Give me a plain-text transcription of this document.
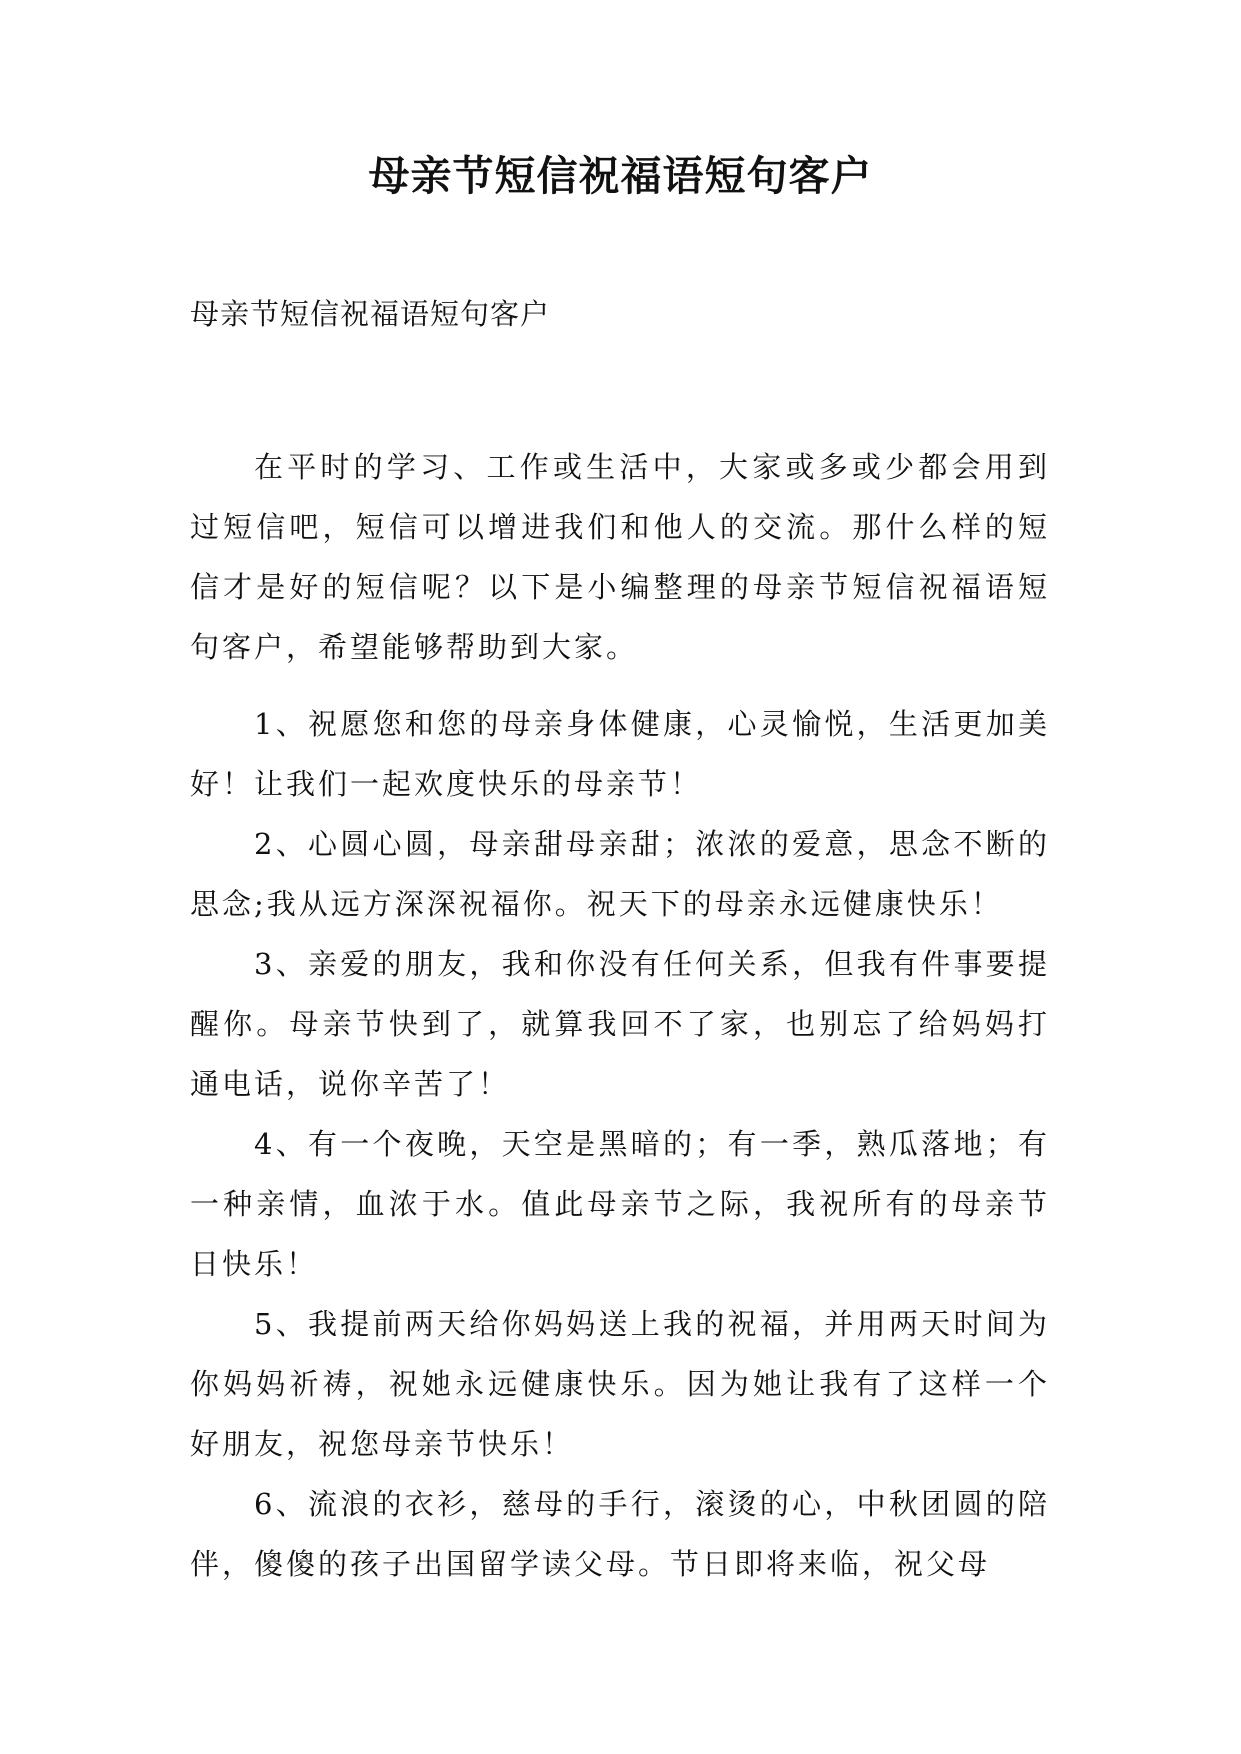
母亲节短信祝福语短句客户
母亲节短信祝福语短句客户

在平时的学习、工作或生活中，大家或多或少都会用到过短信吧，短信可以增进我们和他人的交流。那什么样的短信才是好的短信呢？以下是小编整理的母亲节短信祝福语短句客户，希望能够帮助到大家。

1、祝愿您和您的母亲身体健康，心灵愉悦，生活更加美好！让我们一起欢度快乐的母亲节！

2、心圆心圆，母亲甜母亲甜；浓浓的爱意，思念不断的思念;我从远方深深祝福你。祝天下的母亲永远健康快乐！

3、亲爱的朋友，我和你没有任何关系，但我有件事要提醒你。母亲节快到了，就算我回不了家，也别忘了给妈妈打通电话，说你辛苦了！

4、有一个夜晚，天空是黑暗的；有一季，熟瓜落地；有一种亲情，血浓于水。值此母亲节之际，我祝所有的母亲节日快乐！

5、我提前两天给你妈妈送上我的祝福，并用两天时间为你妈妈祈祷，祝她永远健康快乐。因为她让我有了这样一个好朋友，祝您母亲节快乐！

6、流浪的衣衫，慈母的手行，滚烫的心，中秋团圆的陪伴，傻傻的孩子出国留学读父母。节日即将来临，祝父母
